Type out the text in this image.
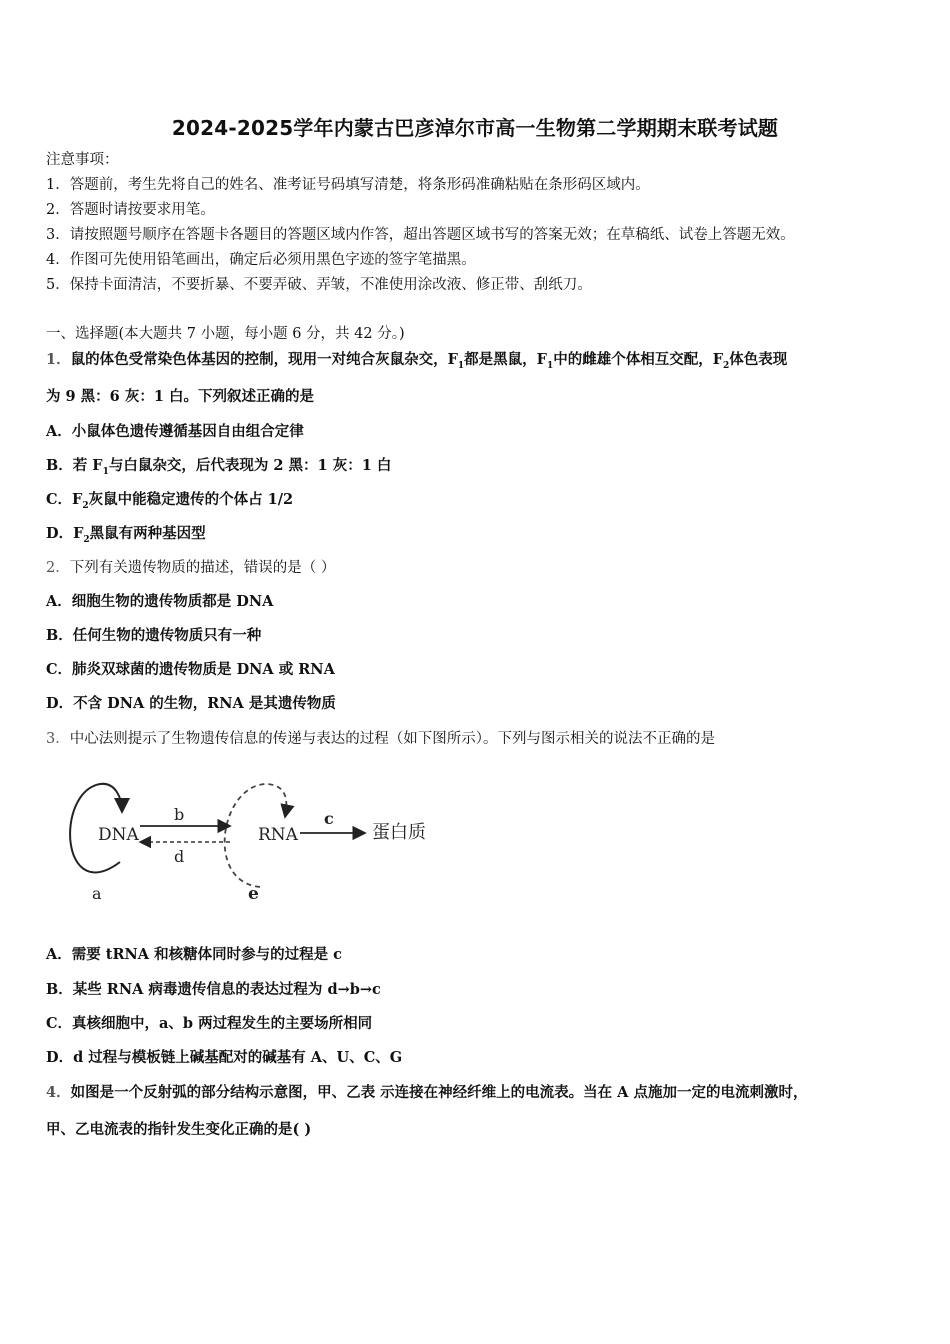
2024-2025学年内蒙古巴彦淖尔市高一生物第二学期期末联考试题
注意事项：
1．答题前，考生先将自己的姓名、准考证号码填写清楚，将条形码准确粘贴在条形码区域内。
2．答题时请按要求用笔。
3．请按照题号顺序在答题卡各题目的答题区域内作答，超出答题区域书写的答案无效；在草稿纸、试卷上答题无效。
4．作图可先使用铅笔画出，确定后必须用黑色字迹的签字笔描黑。
5．保持卡面清洁，不要折暴、不要弄破、弄皱，不准使用涂改液、修正带、刮纸刀。
一、选择题(本大题共 7 小题，每小题 6 分，共 42 分。)
1．鼠的体色受常染色体基因的控制，现用一对纯合灰鼠杂交，$F_1$都是黑鼠，$F_1$中的雌雄个体相互交配，$F_2$体色表现
为 9 黑：6 灰：1 白。下列叙述正确的是
A．小鼠体色遗传遵循基因自由组合定律
B．若 $F_1$与白鼠杂交，后代表现为 2 黑：1 灰：1 白
C．$F_2$灰鼠中能稳定遗传的个体占 1/2
D．$F_2$黑鼠有两种基因型
2．下列有关遗传物质的描述，错误的是（ ）
A．细胞生物的遗传物质都是 DNA
B．任何生物的遗传物质只有一种
C．肺炎双球菌的遗传物质是 DNA 或 RNA
D．不含 DNA 的生物，RNA 是其遗传物质
3．中心法则提示了生物遗传信息的传递与表达的过程（如下图所示）。下列与图示相关的说法不正确的是
DNA	RNA	蛋白质
b
d
c
a	e
A．需要 tRNA 和核糖体同时参与的过程是 c
B．某些 RNA 病毒遗传信息的表达过程为 d→b→c
C．真核细胞中，a、b 两过程发生的主要场所相同
D．d 过程与模板链上碱基配对的碱基有 A、U、C、G
4．如图是一个反射弧的部分结构示意图，甲、乙表 示连接在神经纤维上的电流表。当在 A 点施加一定的电流刺激时，
甲、乙电流表的指针发生变化正确的是( )
